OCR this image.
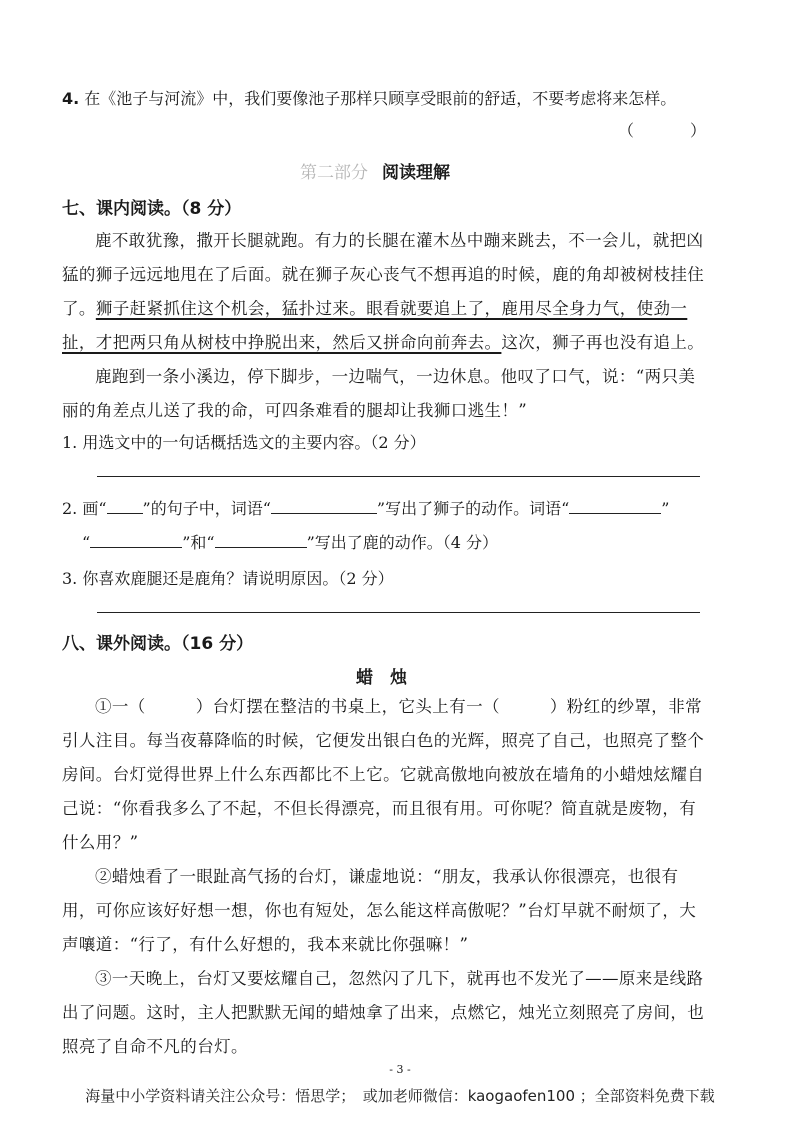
4. 在《池子与河流》中，我们要像池子那样只顾享受眼前的舒适，不要考虑将来怎样。
（　　　）
第二部分 阅读理解
七、课内阅读。（8 分）

鹿不敢犹豫，撒开长腿就跑。有力的长腿在灌木丛中蹦来跳去，不一会儿，就把凶猛的狮子远远地甩在了后面。就在狮子灰心丧气不想再追的时候，鹿的角却被树枝挂住了。狮子赶紧抓住这个机会，猛扑过来。眼看就要追上了，鹿用尽全身力气，使劲一扯，才把两只角从树枝中挣脱出来，然后又拼命向前奔去。这次，狮子再也没有追上。

鹿跑到一条小溪边，停下脚步，一边喘气，一边休息。他叹了口气，说：“两只美丽的角差点儿送了我的命，可四条难看的腿却让我狮口逃生！”

1. 用选文中的一句话概括选文的主要内容。（2 分）
2. 画“ ”的句子中，词语“	”写出了狮子的动作。词语“	”
“	”和“	”写出了鹿的动作。（4 分）
3. 你喜欢鹿腿还是鹿角？请说明原因。（2 分）
八、课外阅读。（16 分）
蜡　烛

①一（	）台灯摆在整洁的书桌上，它头上有一（	）粉红的纱罩，非常引人注目。每当夜幕降临的时候，它便发出银白色的光辉，照亮了自己，也照亮了整个房间。台灯觉得世界上什么东西都比不上它。它就高傲地向被放在墙角的小蜡烛炫耀自己说：“你看我多么了不起，不但长得漂亮，而且很有用。可你呢？简直就是废物，有什么用？”

②蜡烛看了一眼趾高气扬的台灯，谦虚地说：“朋友，我承认你很漂亮，也很有用，可你应该好好想一想，你也有短处，怎么能这样高傲呢？”台灯早就不耐烦了，大声嚷道：“行了，有什么好想的，我本来就比你强嘛！”

③一天晚上，台灯又要炫耀自己，忽然闪了几下，就再也不发光了——原来是线路出了问题。这时，主人把默默无闻的蜡烛拿了出来，点燃它，烛光立刻照亮了房间，也照亮了自命不凡的台灯。

- 3 -
海量中小学资料请关注公众号：悟思学；　或加老师微信：kaogaofen100 ；全部资料免费下载
